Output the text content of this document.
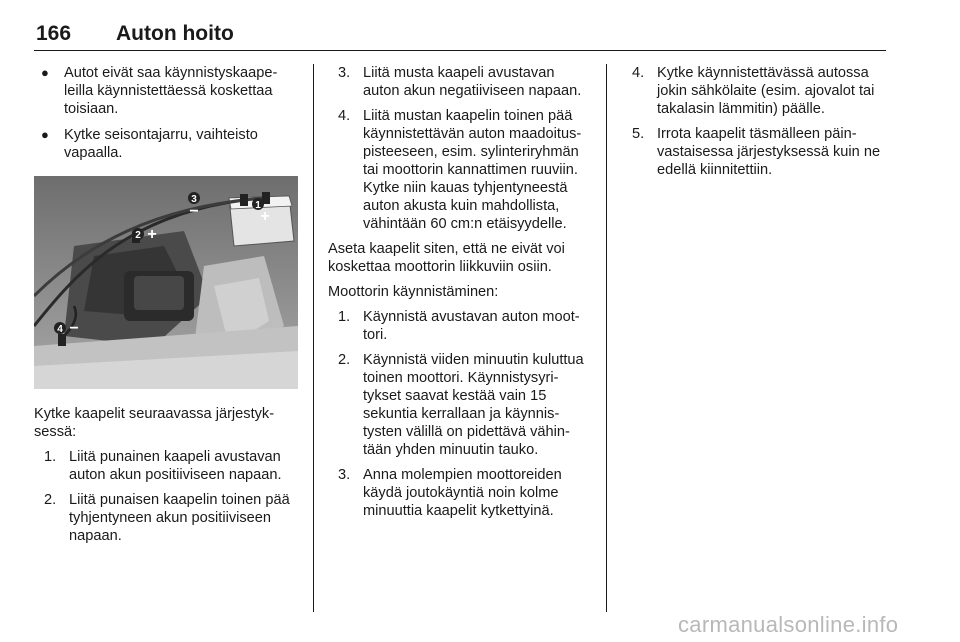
166 Auton hoito
● Autot eivät saa käynnistyskaapeleilla käynnistettäessä koskettaa toisiaan.
● Kytke seisontajarru, vaihteisto vapaalla.
1
+
2 +
3
−
4 −

Kytke kaapelit seuraavassa järjestyksessä:

1. Liitä punainen kaapeli avustavan auton akun positiiviseen napaan.
2. Liitä punaisen kaapelin toinen pää tyhjentyneen akun positiiviseen napaan.
3. Liitä musta kaapeli avustavan auton akun negatiiviseen napaan.
4. Liitä mustan kaapelin toinen pää käynnistettävän auton maadoituspisteeseen, esim. sylinteriryhmän tai moottorin kannattimen ruuviin. Kytke niin kauas tyhjentyneestä auton akusta kuin mahdollista, vähintään 60 cm:n etäisyydelle.

Aseta kaapelit siten, että ne eivät voi koskettaa moottorin liikkuviin osiin.

Moottorin käynnistäminen:

1. Käynnistä avustavan auton moottori.
2. Käynnistä viiden minuutin kuluttua toinen moottori. Käynnistysyritykset saavat kestää vain 15 sekuntia kerrallaan ja käynnistysten välillä on pidettävä vähintään yhden minuutin tauko.
3. Anna molempien moottoreiden käydä joutokäyntiä noin kolme minuuttia kaapelit kytkettyinä.
4. Kytke käynnistettävässä autossa jokin sähkölaite (esim. ajovalot tai takalasin lämmitin) päälle.
5. Irrota kaapelit täsmälleen päinvastaisessa järjestyksessä kuin ne edellä kiinnitettiin.
carmanualsonline.info
